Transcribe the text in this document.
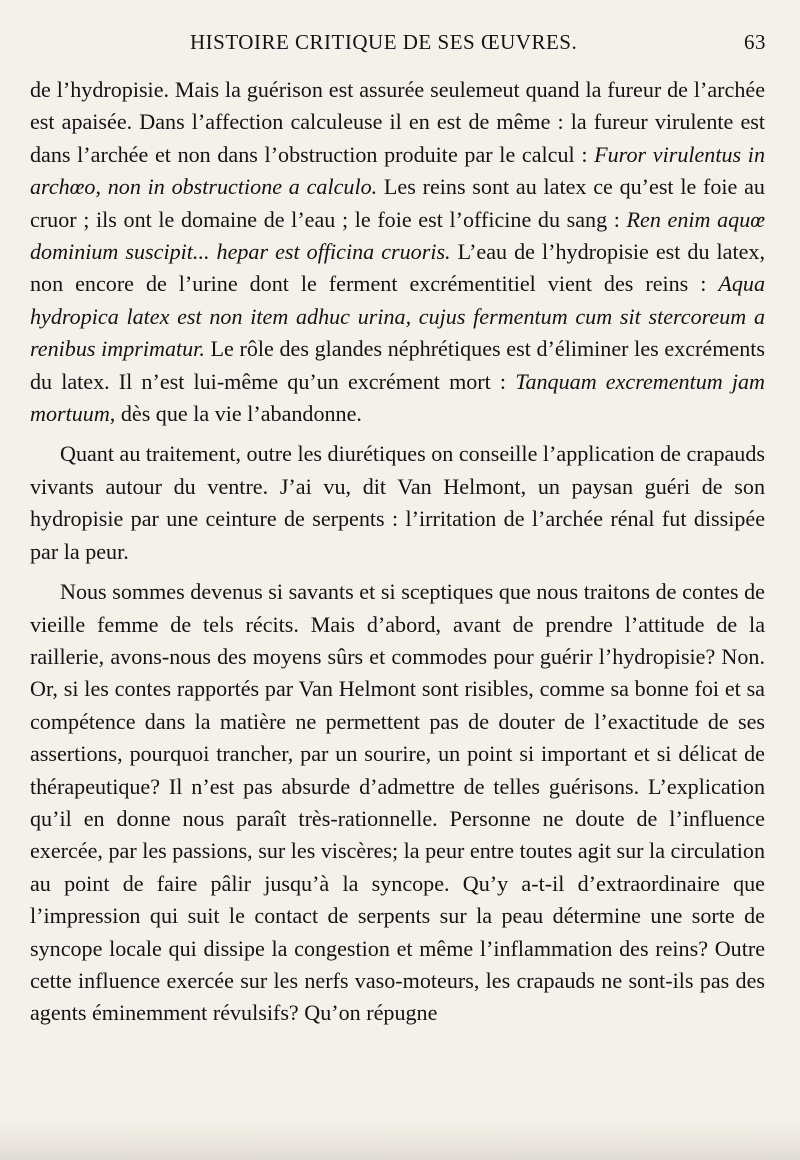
HISTOIRE CRITIQUE DE SES ŒUVRES.	63

de l’hydropisie. Mais la guérison est assurée seulemeut quand la fureur de l’archée est apaisée. Dans l’affection calculeuse il en est de même : la fureur virulente est dans l’archée et non dans l’obstruction produite par le calcul : Furor virulentus in archœo, non in obstructione a calculo. Les reins sont au latex ce qu’est le foie au cruor ; ils ont le domaine de l’eau ; le foie est l’officine du sang : Ren enim aquœ dominium suscipit... hepar est officina cruoris. L’eau de l’hydropisie est du latex, non encore de l’urine dont le ferment excrémentitiel vient des reins : Aqua hydropica latex est non item adhuc urina, cujus fermentum cum sit stercoreum a renibus imprimatur. Le rôle des glandes néphrétiques est d’éliminer les excréments du latex. Il n’est lui-même qu’un excrément mort : Tanquam excrementum jam mortuum, dès que la vie l’abandonne.

Quant au traitement, outre les diurétiques on conseille l’application de crapauds vivants autour du ventre. J’ai vu, dit Van Helmont, un paysan guéri de son hydropisie par une ceinture de serpents : l’irritation de l’archée rénal fut dissipée par la peur.

Nous sommes devenus si savants et si sceptiques que nous traitons de contes de vieille femme de tels récits. Mais d’abord, avant de prendre l’attitude de la raillerie, avons-nous des moyens sûrs et commodes pour guérir l’hydropisie? Non. Or, si les contes rapportés par Van Helmont sont risibles, comme sa bonne foi et sa compétence dans la matière ne permettent pas de douter de l’exactitude de ses assertions, pourquoi trancher, par un sourire, un point si important et si délicat de thérapeutique? Il n’est pas absurde d’admettre de telles guérisons. L’explication qu’il en donne nous paraît très-rationnelle. Personne ne doute de l’influence exercée, par les passions, sur les viscères; la peur entre toutes agit sur la circulation au point de faire pâlir jusqu’à la syncope. Qu’y a-t-il d’extraordinaire que l’impression qui suit le contact de serpents sur la peau détermine une sorte de syncope locale qui dissipe la congestion et même l’inflammation des reins? Outre cette influence exercée sur les nerfs vaso-moteurs, les crapauds ne sont-ils pas des agents éminemment révulsifs? Qu’on répugne
